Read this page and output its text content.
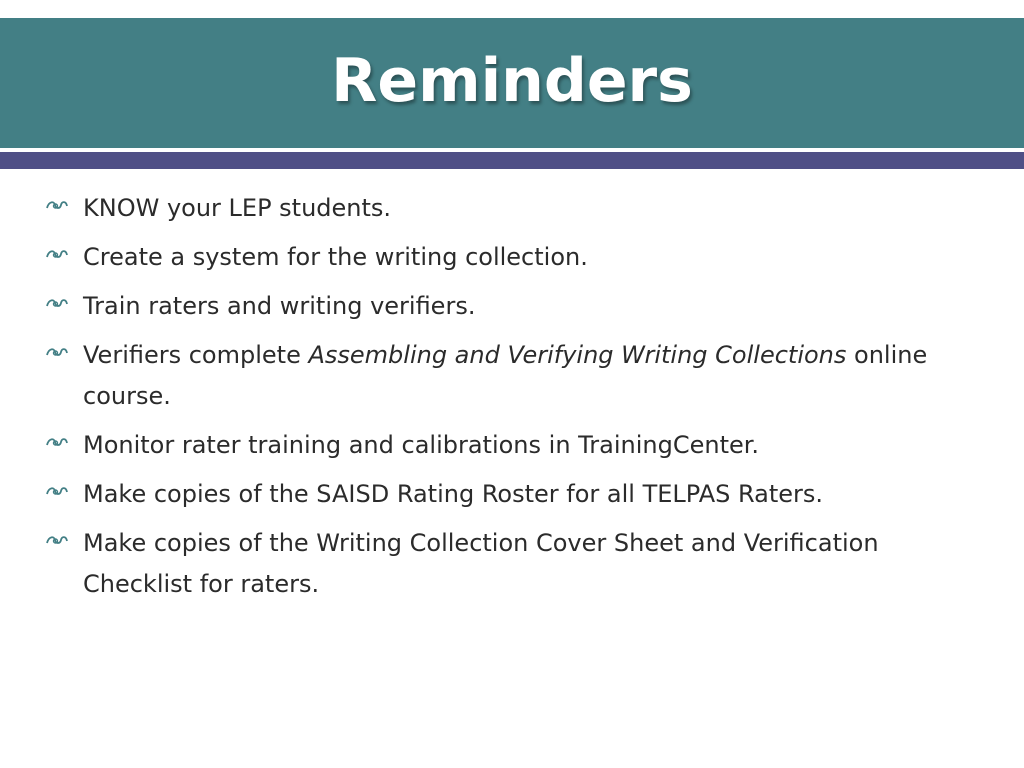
Reminders
KNOW your LEP students.
Create a system for the writing collection.
Train raters and writing verifiers.
Verifiers complete Assembling and Verifying Writing Collections online course.
Monitor rater training and calibrations in TrainingCenter.
Make copies of the SAISD Rating Roster for all TELPAS Raters.
Make copies of the Writing Collection Cover Sheet and Verification Checklist for raters.
